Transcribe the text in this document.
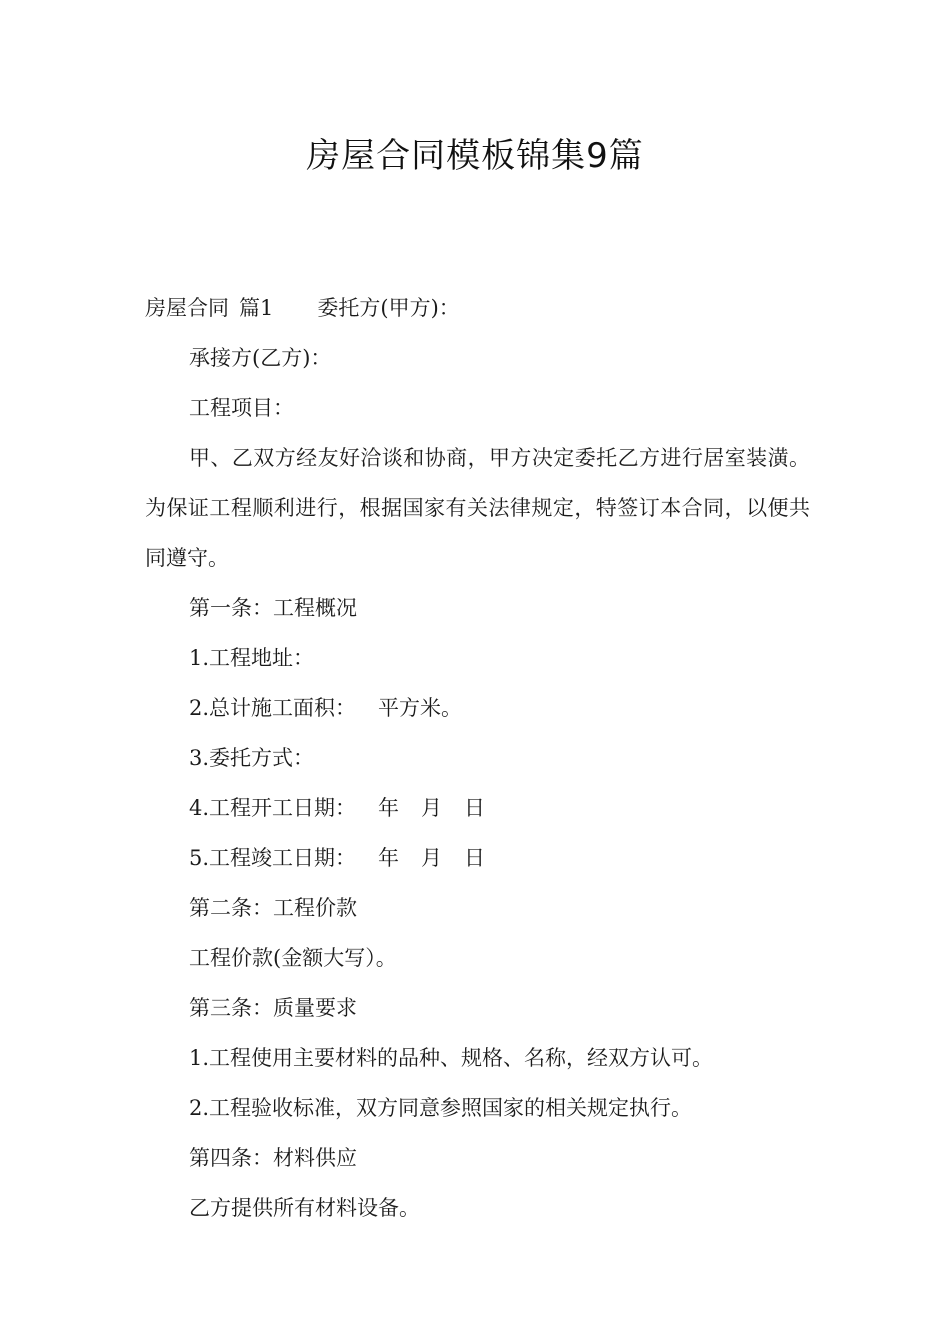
房屋合同模板锦集9篇

房屋合同 篇1 委托方(甲方)：

承接方(乙方)：

工程项目：

甲、乙双方经友好洽谈和协商，甲方决定委托乙方进行居室装潢。为保证工程顺利进行，根据国家有关法律规定，特签订本合同，以便共同遵守。

第一条：工程概况

1.工程地址：

2.总计施工面积： 平方米。

3.委托方式：

4.工程开工日期： 年 月 日

5.工程竣工日期： 年 月 日

第二条：工程价款

工程价款(金额大写）。

第三条：质量要求

1.工程使用主要材料的品种、规格、名称，经双方认可。

2.工程验收标准，双方同意参照国家的相关规定执行。

第四条：材料供应

乙方提供所有材料设备。
